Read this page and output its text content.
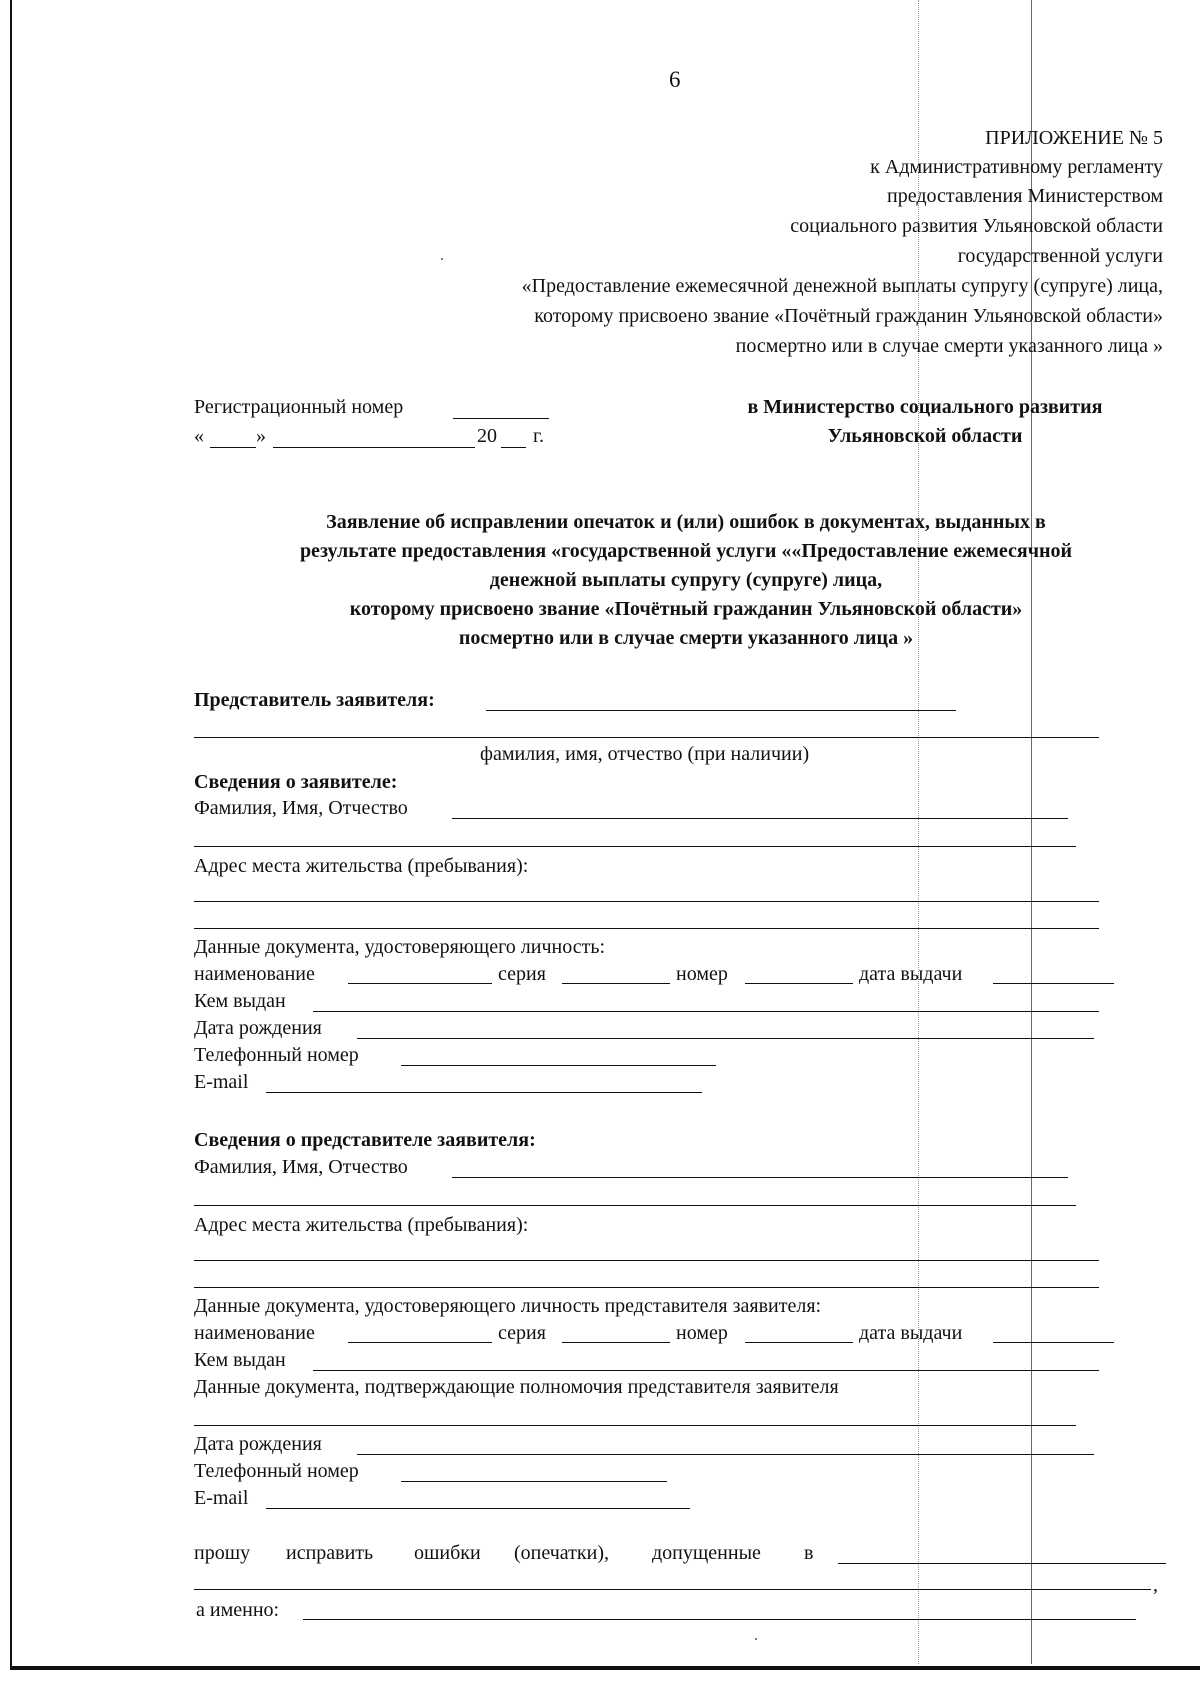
6
ПРИЛОЖЕНИЕ № 5
к Административному регламенту
предоставления Министерством
социального развития Ульяновской области
государственной услуги
«Предоставление ежемесячной денежной выплаты супругу (супруге) лица,
которому присвоено звание «Почётный гражданин Ульяновской области»
посмертно или в случае смерти указанного лица »
Регистрационный номер
«	»	20 г.
в Министерство социального развития
Ульяновской области
Заявление об исправлении опечаток и (или) ошибок в документах, выданных в
результате предоставления «государственной услуги ««Предоставление ежемесячной
денежной выплаты супругу (супруге) лица,
которому присвоено звание «Почётный гражданин Ульяновской области»
посмертно или в случае смерти указанного лица »
Представитель заявителя:
фамилия, имя, отчество (при наличии)
Сведения о заявителе:
Фамилия, Имя, Отчество
Адрес места жительства (пребывания):
Данные документа, удостоверяющего личность:
наименование	серия	номер	дата выдачи
Кем выдан
Дата рождения
Телефонный номер
E-mail
Сведения о представителе заявителя:
Фамилия, Имя, Отчество
Адрес места жительства (пребывания):
Данные документа, удостоверяющего личность представителя заявителя:
наименование	серия	номер	дата выдачи
Кем выдан
Данные документа, подтверждающие полномочия представителя заявителя
Дата рождения
Телефонный номер
E-mail
прошу исправить ошибки (опечатки), допущенные в
,
а именно:
